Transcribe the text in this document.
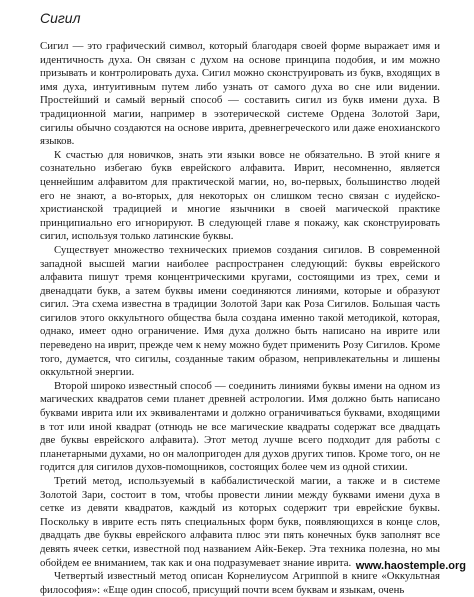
Сигил

Сигил — это графический символ, который благодаря своей форме выражает имя и идентичность духа. Он связан с духом на основе принципа подобия, и им можно призывать и контролировать духа. Сигил можно сконструировать из букв, входящих в имя духа, интуитивным путем либо узнать от самого духа во сне или видении. Простейший и самый верный способ — составить сигил из букв имени духа. В традиционной магии, например в эзотерической системе Ордена Золотой Зари, сигилы обычно создаются на основе иврита, древнегреческого или даже енохианского языков.

К счастью для новичков, знать эти языки вовсе не обязательно. В этой книге я сознательно избегаю букв еврейского алфавита. Иврит, несомненно, является ценнейшим алфавитом для практической магии, но, во-первых, большинство людей его не знают, а во-вторых, для некоторых он слишком тесно связан с иудейско-христианской традицией и многие язычники в своей магической практике принципиально его игнорируют. В следующей главе я покажу, как сконструировать сигил, используя только латинские буквы.

Существует множество технических приемов создания сигилов. В современной западной высшей магии наиболее распространен следующий: буквы еврейского алфавита пишут тремя концентрическими кругами, состоящими из трех, семи и двенадцати букв, а затем буквы имени соединяются линиями, которые и образуют сигил. Эта схема известна в традиции Золотой Зари как Роза Сигилов. Большая часть сигилов этого оккультного общества была создана именно такой методикой, которая, однако, имеет одно ограничение. Имя духа должно быть написано на иврите или переведено на иврит, прежде чем к нему можно будет применить Розу Сигилов. Кроме того, думается, что сигилы, созданные таким образом, непривлекательны и лишены оккультной энергии.

Второй широко известный способ — соединить линиями буквы имени на одном из магических квадратов семи планет древней астрологии. Имя должно быть написано буквами иврита или их эквивалентами и должно ограничиваться буквами, входящими в тот или иной квадрат (отнюдь не все магические квадраты содержат все двадцать две буквы еврейского алфавита). Этот метод лучше всего подходит для работы с планетарными духами, но он малопригоден для духов других типов. Кроме того, он не годится для сигилов духов-помощников, состоящих более чем из одной стихии.

Третий метод, используемый в каббалистической магии, а также и в системе Золотой Зари, состоит в том, чтобы провести линии между буквами имени духа в сетке из девяти квадратов, каждый из которых содержит три еврейские буквы. Поскольку в иврите есть пять специальных форм букв, появляющихся в конце слов, двадцать две буквы еврейского алфавита плюс эти пять конечных букв заполнят все девять ячеек сетки, известной под названием Айк-Бекер. Эта техника полезна, но мы обойдем ее вниманием, так как и она подразумевает знание иврита.

Четвертый известный метод описан Корнелиусом Агриппой в книге «Оккультная философия»: «Еще один способ, присущий почти всем буквам и языкам, очень

www.haostemple.org
